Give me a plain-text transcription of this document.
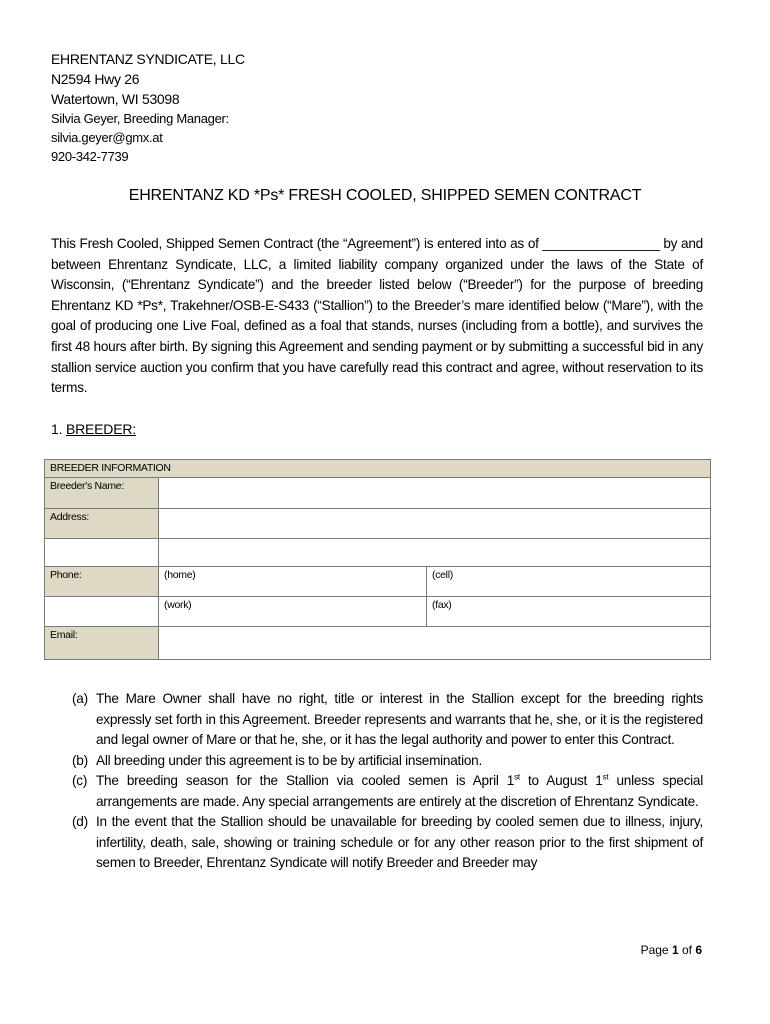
EHRENTANZ SYNDICATE, LLC
N2594 Hwy 26
Watertown, WI 53098
Silvia Geyer, Breeding Manager:
silvia.geyer@gmx.at
920-342-7739
EHRENTANZ KD *Ps* FRESH COOLED, SHIPPED SEMEN CONTRACT
This Fresh Cooled, Shipped Semen Contract (the “Agreement”) is entered into as of ________________ by and between Ehrentanz Syndicate, LLC, a limited liability company organized under the laws of the State of Wisconsin, (“Ehrentanz Syndicate”) and the breeder listed below (“Breeder”) for the purpose of breeding Ehrentanz KD *Ps*, Trakehner/OSB-E-S433 (“Stallion”) to the Breeder’s mare identified below (“Mare”), with the goal of producing one Live Foal, defined as a foal that stands, nurses (including from a bottle), and survives the first 48 hours after birth. By signing this Agreement and sending payment or by submitting a successful bid in any stallion service auction you confirm that you have carefully read this contract and agree, without reservation to its terms.
1. BREEDER:
BREEDER INFORMATION		
Breeder's Name:		
Address:		

Phone:	(home)	(cell)
	(work)	(fax)
Email:		
(a) The Mare Owner shall have no right, title or interest in the Stallion except for the breeding rights expressly set forth in this Agreement. Breeder represents and warrants that he, she, or it is the registered and legal owner of Mare or that he, she, or it has the legal authority and power to enter this Contract.
(b) All breeding under this agreement is to be by artificial insemination.
(c) The breeding season for the Stallion via cooled semen is April 1st to August 1st unless special arrangements are made. Any special arrangements are entirely at the discretion of Ehrentanz Syndicate.
(d) In the event that the Stallion should be unavailable for breeding by cooled semen due to illness, injury, infertility, death, sale, showing or training schedule or for any other reason prior to the first shipment of semen to Breeder, Ehrentanz Syndicate will notify Breeder and Breeder may
Page 1 of 6
